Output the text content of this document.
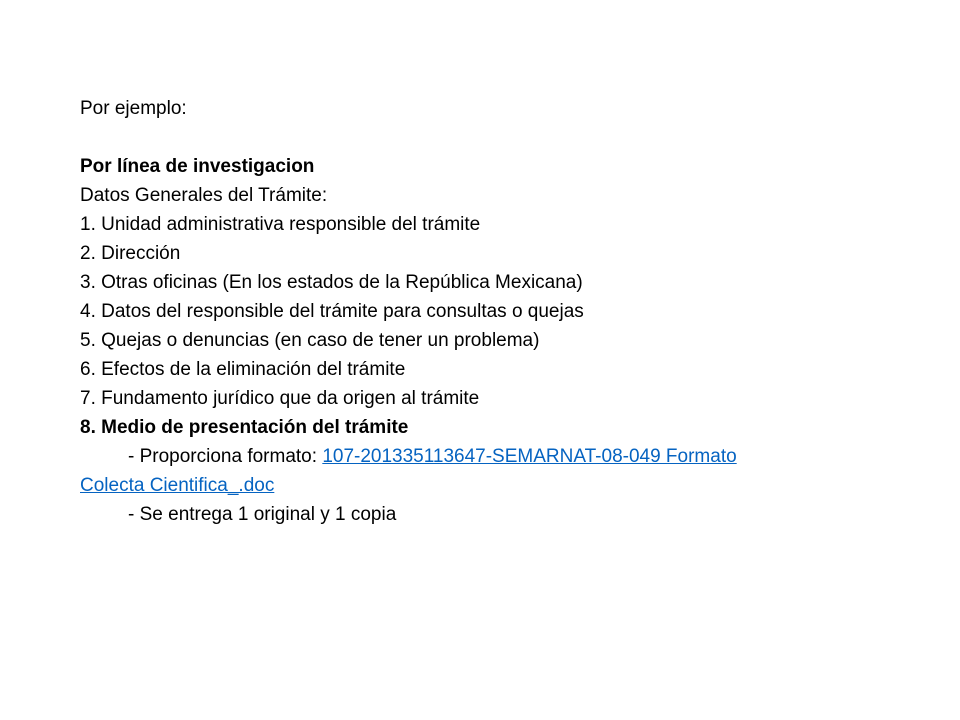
Por ejemplo:
Por línea de investigacion
Datos Generales del Trámite:
1. Unidad administrativa responsible del trámite
2. Dirección
3. Otras oficinas (En los estados de la República Mexicana)
4. Datos del responsible del trámite para consultas o quejas
5. Quejas o denuncias (en caso de tener un problema)
6. Efectos de la eliminación del trámite
7. Fundamento jurídico que da origen al trámite
8. Medio de presentación del trámite
- Proporciona formato: 107-201335113647-SEMARNAT-08-049 Formato
Colecta Cientifica_.doc
- Se entrega 1 original y 1 copia
